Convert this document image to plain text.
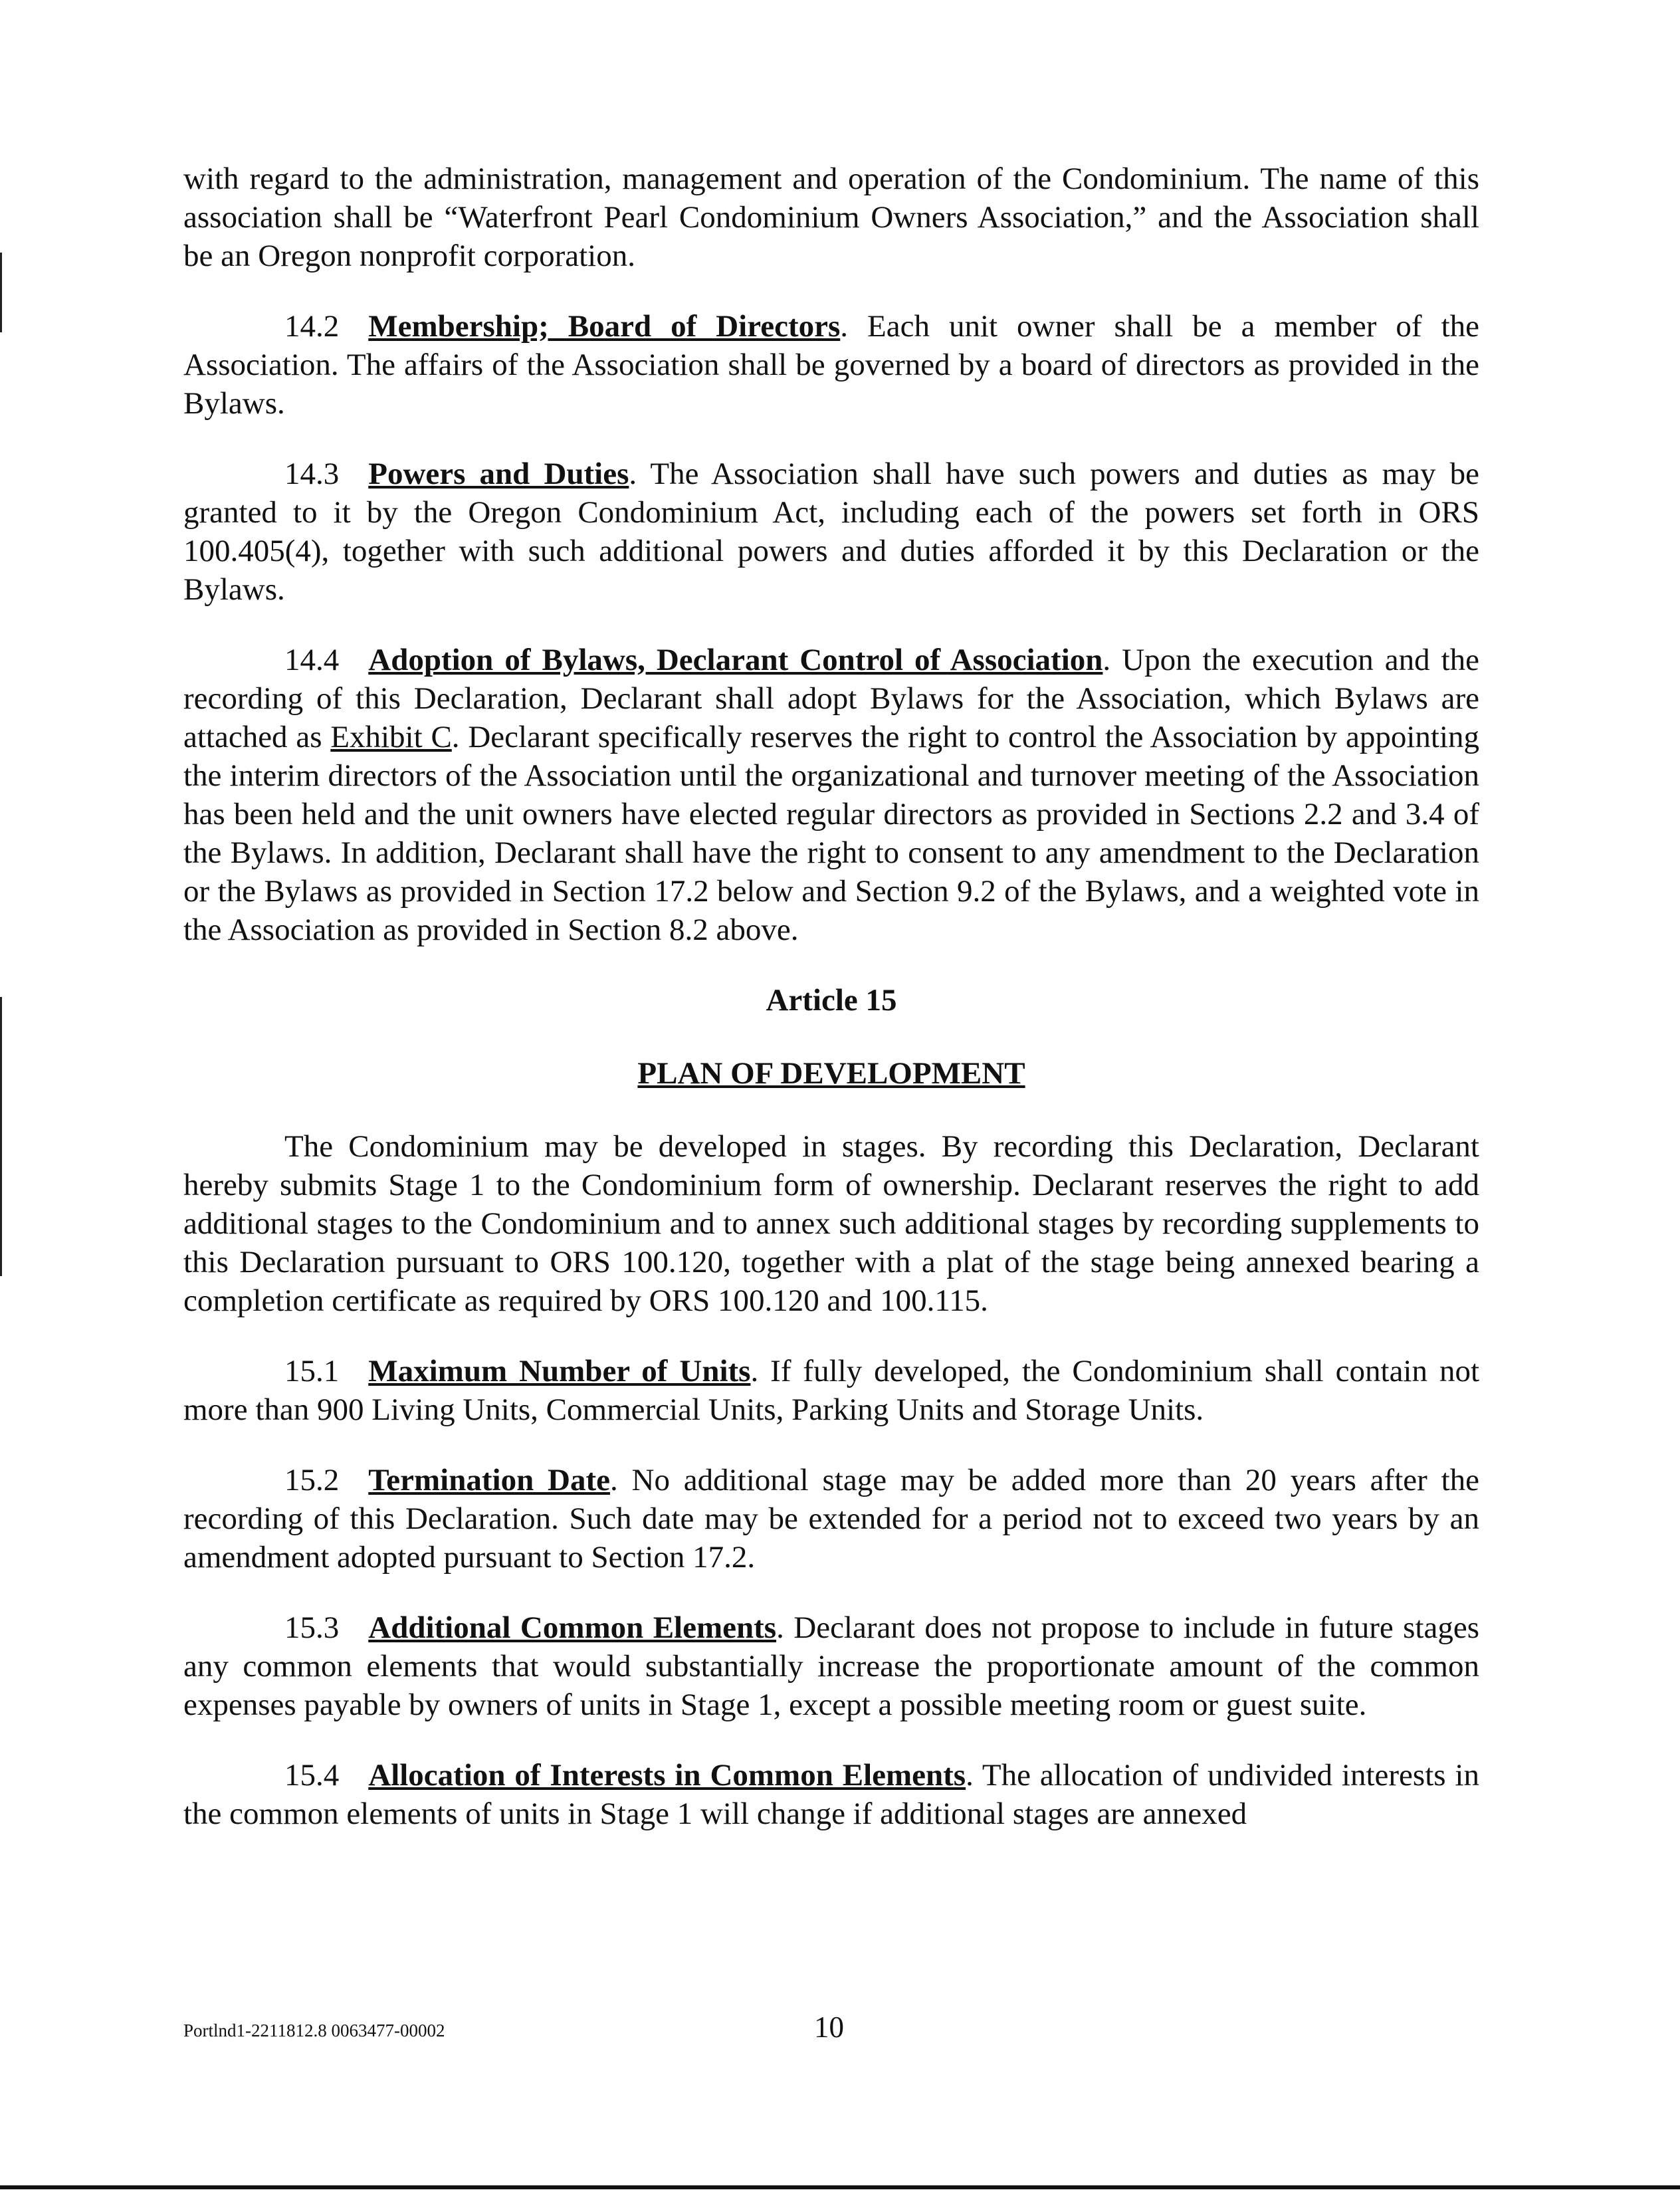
with regard to the administration, management and operation of the Condominium. The name of this association shall be “Waterfront Pearl Condominium Owners Association,” and the Association shall be an Oregon nonprofit corporation.

14.2 Membership; Board of Directors. Each unit owner shall be a member of the Association. The affairs of the Association shall be governed by a board of directors as provided in the Bylaws.

14.3 Powers and Duties. The Association shall have such powers and duties as may be granted to it by the Oregon Condominium Act, including each of the powers set forth in ORS 100.405(4), together with such additional powers and duties afforded it by this Declaration or the Bylaws.

14.4 Adoption of Bylaws, Declarant Control of Association. Upon the execution and the recording of this Declaration, Declarant shall adopt Bylaws for the Association, which Bylaws are attached as Exhibit C. Declarant specifically reserves the right to control the Association by appointing the interim directors of the Association until the organizational and turnover meeting of the Association has been held and the unit owners have elected regular directors as provided in Sections 2.2 and 3.4 of the Bylaws. In addition, Declarant shall have the right to consent to any amendment to the Declaration or the Bylaws as provided in Section 17.2 below and Section 9.2 of the Bylaws, and a weighted vote in the Association as provided in Section 8.2 above.

Article 15
PLAN OF DEVELOPMENT

The Condominium may be developed in stages. By recording this Declaration, Declarant hereby submits Stage 1 to the Condominium form of ownership. Declarant reserves the right to add additional stages to the Condominium and to annex such additional stages by recording supplements to this Declaration pursuant to ORS 100.120, together with a plat of the stage being annexed bearing a completion certificate as required by ORS 100.120 and 100.115.

15.1 Maximum Number of Units. If fully developed, the Condominium shall contain not more than 900 Living Units, Commercial Units, Parking Units and Storage Units.

15.2 Termination Date. No additional stage may be added more than 20 years after the recording of this Declaration. Such date may be extended for a period not to exceed two years by an amendment adopted pursuant to Section 17.2.

15.3 Additional Common Elements. Declarant does not propose to include in future stages any common elements that would substantially increase the proportionate amount of the common expenses payable by owners of units in Stage 1, except a possible meeting room or guest suite.

15.4 Allocation of Interests in Common Elements. The allocation of undivided interests in the common elements of units in Stage 1 will change if additional stages are annexed

Portlnd1-2211812.8 0063477-00002	10
